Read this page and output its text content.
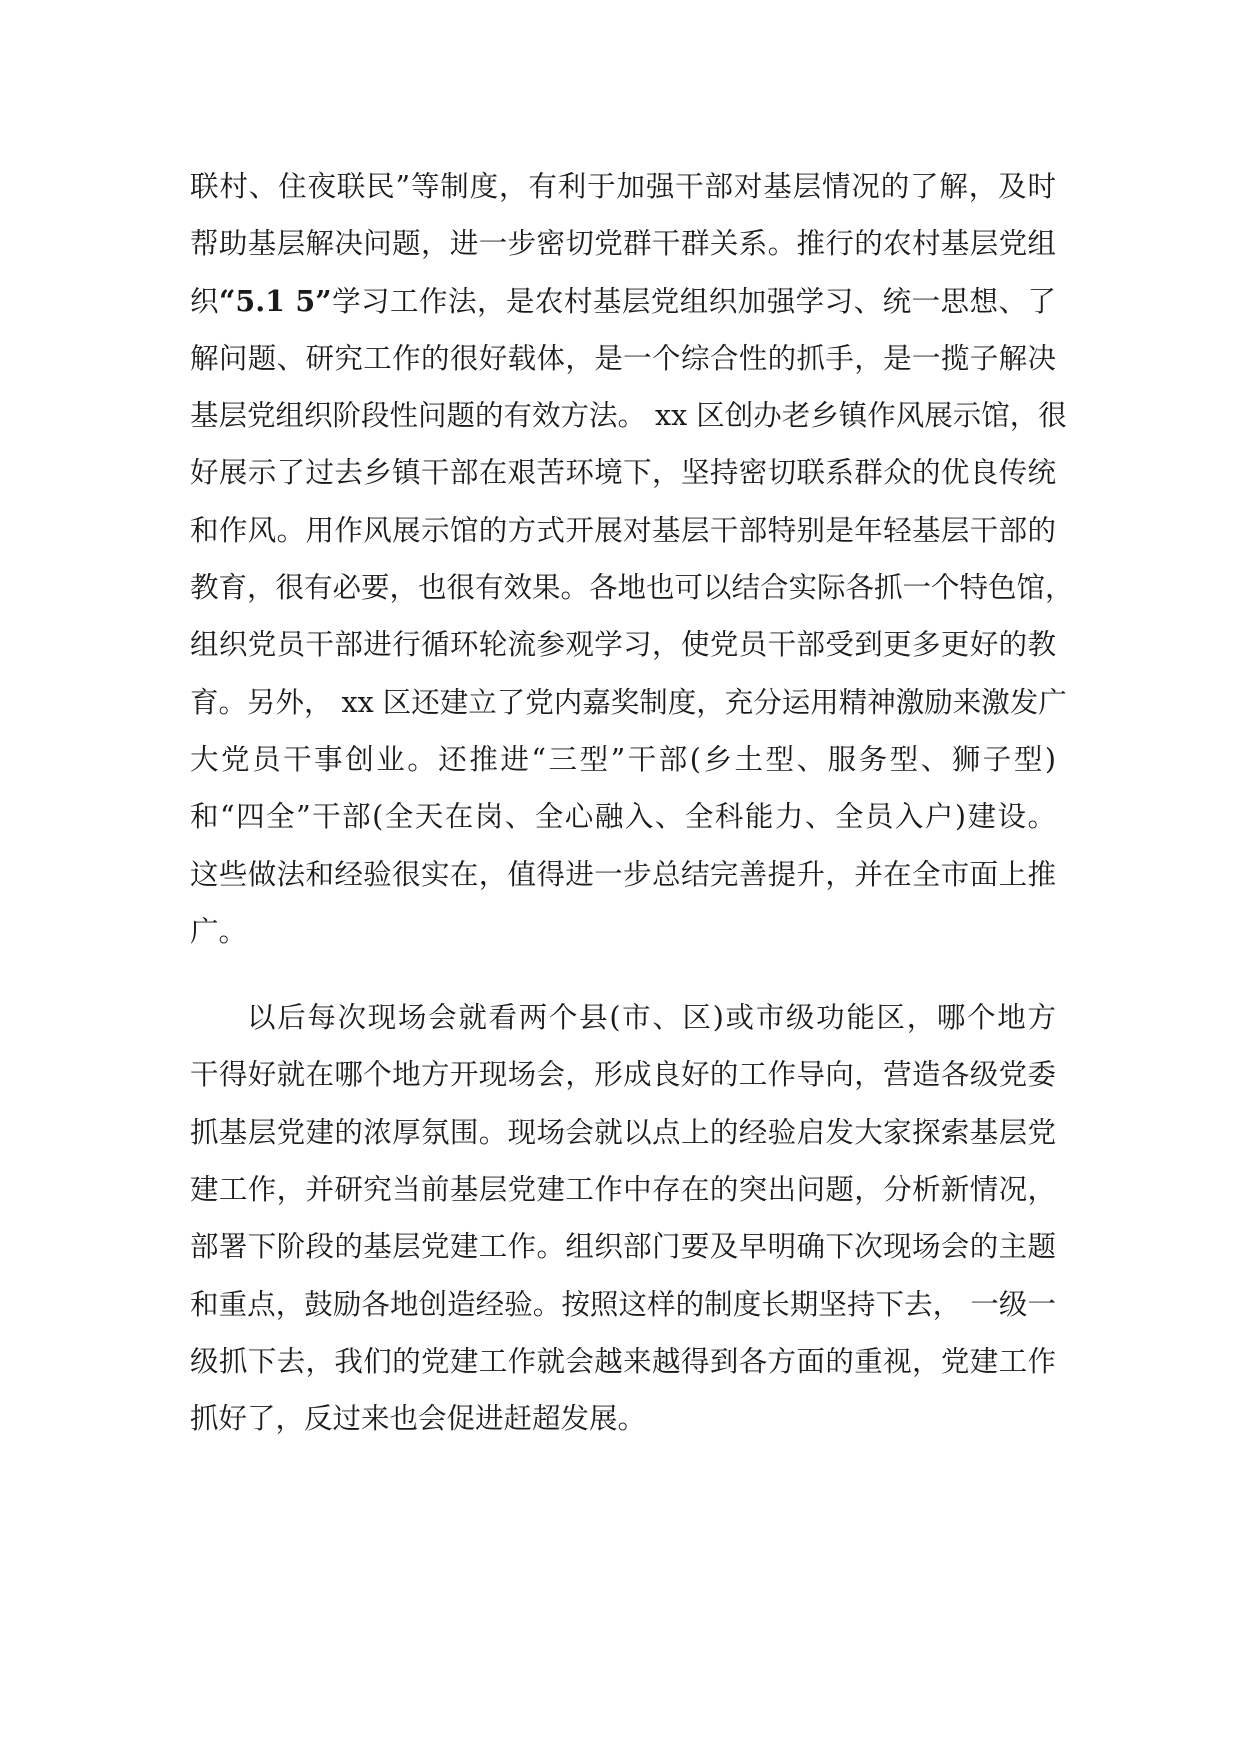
联村、住夜联民”等制度，有利于加强干部对基层情况的了解，及时
帮助基层解决问题，进一步密切党群干群关系。推行的农村基层党组
织“5.1 5”学习工作法，是农村基层党组织加强学习、统一思想、了
解问题、研究工作的很好载体，是一个综合性的抓手，是一揽子解决
基层党组织阶段性问题的有效方法。 xx 区创办老乡镇作风展示馆，很
好展示了过去乡镇干部在艰苦环境下，坚持密切联系群众的优良传统
和作风。用作风展示馆的方式开展对基层干部特别是年轻基层干部的
教育，很有必要，也很有效果。各地也可以结合实际各抓一个特色馆，
组织党员干部进行循环轮流参观学习，使党员干部受到更多更好的教
育。另外， xx 区还建立了党内嘉奖制度，充分运用精神激励来激发广
大党员干事创业。还推进“三型”干部(乡土型、服务型、狮子型)
和“四全”干部(全天在岗、全心融入、全科能力、全员入户)建设。
这些做法和经验很实在，值得进一步总结完善提升，并在全市面上推
广。
以后每次现场会就看两个县(市、区)或市级功能区，哪个地方
干得好就在哪个地方开现场会，形成良好的工作导向，营造各级党委
抓基层党建的浓厚氛围。现场会就以点上的经验启发大家探索基层党
建工作，并研究当前基层党建工作中存在的突出问题，分析新情况，
部署下阶段的基层党建工作。组织部门要及早明确下次现场会的主题
和重点，鼓励各地创造经验。按照这样的制度长期坚持下去， 一级一
级抓下去，我们的党建工作就会越来越得到各方面的重视，党建工作
抓好了，反过来也会促进赶超发展。
